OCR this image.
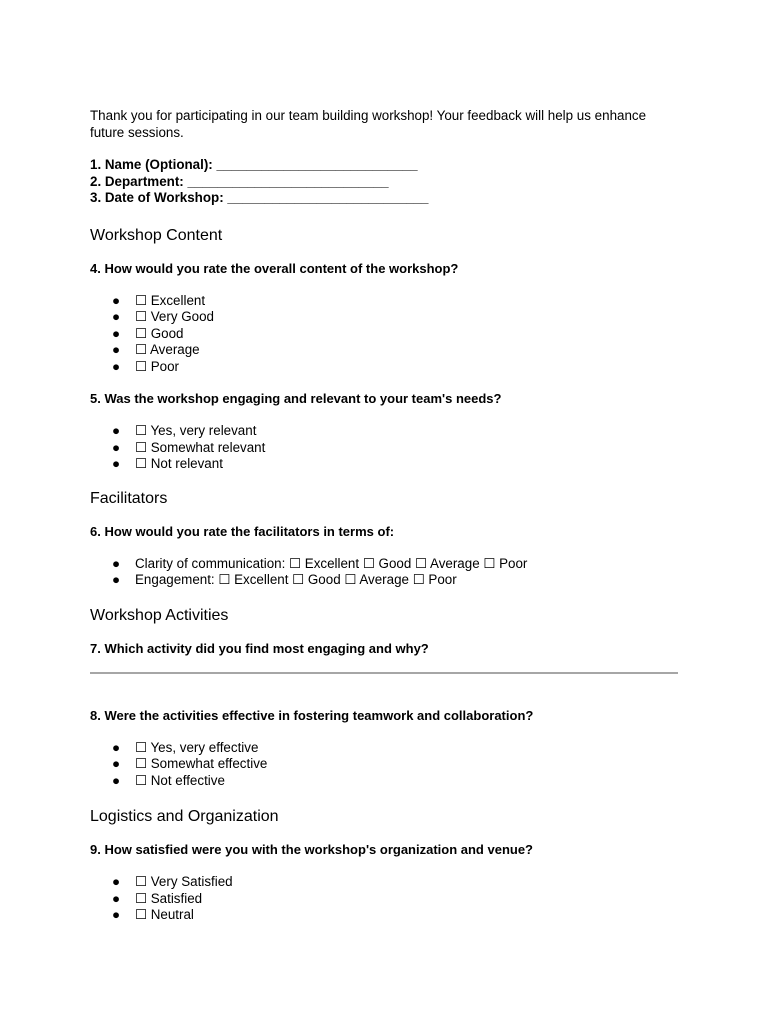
Thank you for participating in our team building workshop! Your feedback will help us enhance future sessions.

1. Name (Optional): ___________________________
2. Department: ___________________________
3. Date of Workshop: ___________________________
Workshop Content

4. How would you rate the overall content of the workshop?

● ☐ Excellent
● ☐ Very Good
● ☐ Good
● ☐ Average
● ☐ Poor

5. Was the workshop engaging and relevant to your team's needs?

● ☐ Yes, very relevant
● ☐ Somewhat relevant
● ☐ Not relevant
Facilitators

6. How would you rate the facilitators in terms of:

● Clarity of communication: ☐ Excellent ☐ Good ☐ Average ☐ Poor
● Engagement: ☐ Excellent ☐ Good ☐ Average ☐ Poor
Workshop Activities

7. Which activity did you find most engaging and why?

8. Were the activities effective in fostering teamwork and collaboration?

● ☐ Yes, very effective
● ☐ Somewhat effective
● ☐ Not effective
Logistics and Organization

9. How satisfied were you with the workshop's organization and venue?

● ☐ Very Satisfied
● ☐ Satisfied
● ☐ Neutral
